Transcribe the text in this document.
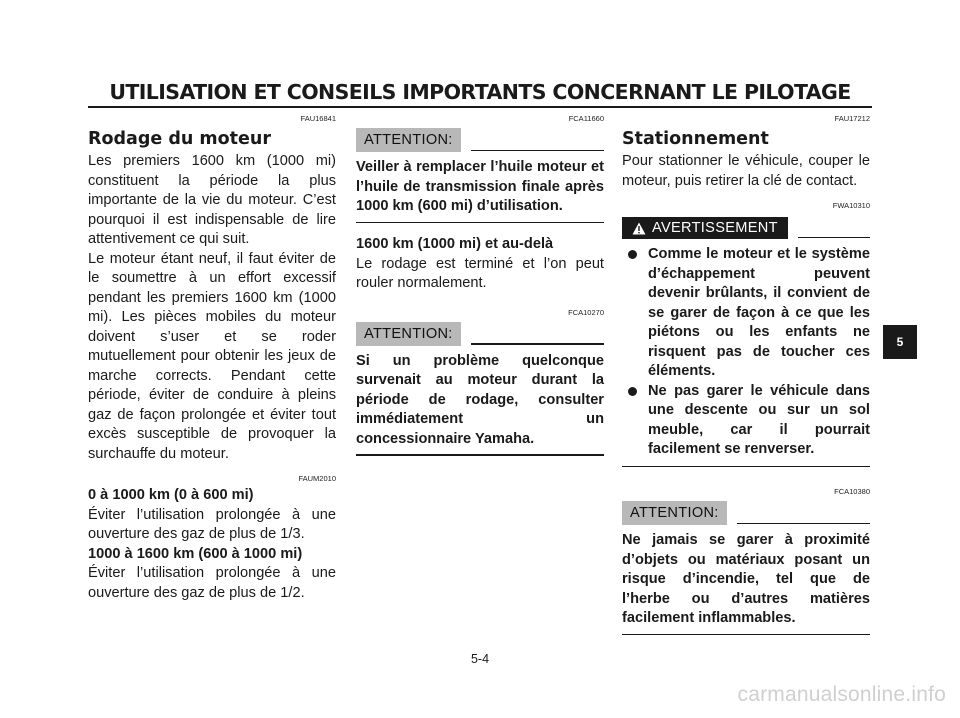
UTILISATION ET CONSEILS IMPORTANTS CONCERNANT LE PILOTAGE
FAU16841
Rodage du moteur
Les premiers 1600 km (1000 mi) constituent la période la plus importante de la vie du moteur. C’est pourquoi il est indispensable de lire attentivement ce qui suit.
Le moteur étant neuf, il faut éviter de le soumettre à un effort excessif pendant les premiers 1600 km (1000 mi). Les pièces mobiles du moteur doivent s’user et se roder mutuellement pour obtenir les jeux de marche corrects. Pendant cette période, éviter de conduire à pleins gaz de façon prolongée et éviter tout excès susceptible de provoquer la surchauffe du moteur.
FAUM2010
0 à 1000 km (0 à 600 mi)
Éviter l’utilisation prolongée à une ouverture des gaz de plus de 1/3.
1000 à 1600 km (600 à 1000 mi)
Éviter l’utilisation prolongée à une ouverture des gaz de plus de 1/2.
FCA11660
ATTENTION:
Veiller à remplacer l’huile moteur et l’huile de transmission finale après 1000 km (600 mi) d’utilisation.
1600 km (1000 mi) et au-delà
Le rodage est terminé et l’on peut rouler normalement.
FCA10270
ATTENTION:
Si un problème quelconque survenait au moteur durant la période de rodage, consulter immédiatement un concessionnaire Yamaha.
FAU17212
Stationnement
Pour stationner le véhicule, couper le moteur, puis retirer la clé de contact.
FWA10310
AVERTISSEMENT
Comme le moteur et le système d’échappement peuvent devenir brûlants, il convient de se garer de façon à ce que les piétons ou les enfants ne risquent pas de toucher ces éléments.
Ne pas garer le véhicule dans une descente ou sur un sol meuble, car il pourrait facilement se renverser.
FCA10380
ATTENTION:
Ne jamais se garer à proximité d’objets ou matériaux posant un risque d’incendie, tel que de l’herbe ou d’autres matières facilement inflammables.
5
5-4
carmanualsonline.info
